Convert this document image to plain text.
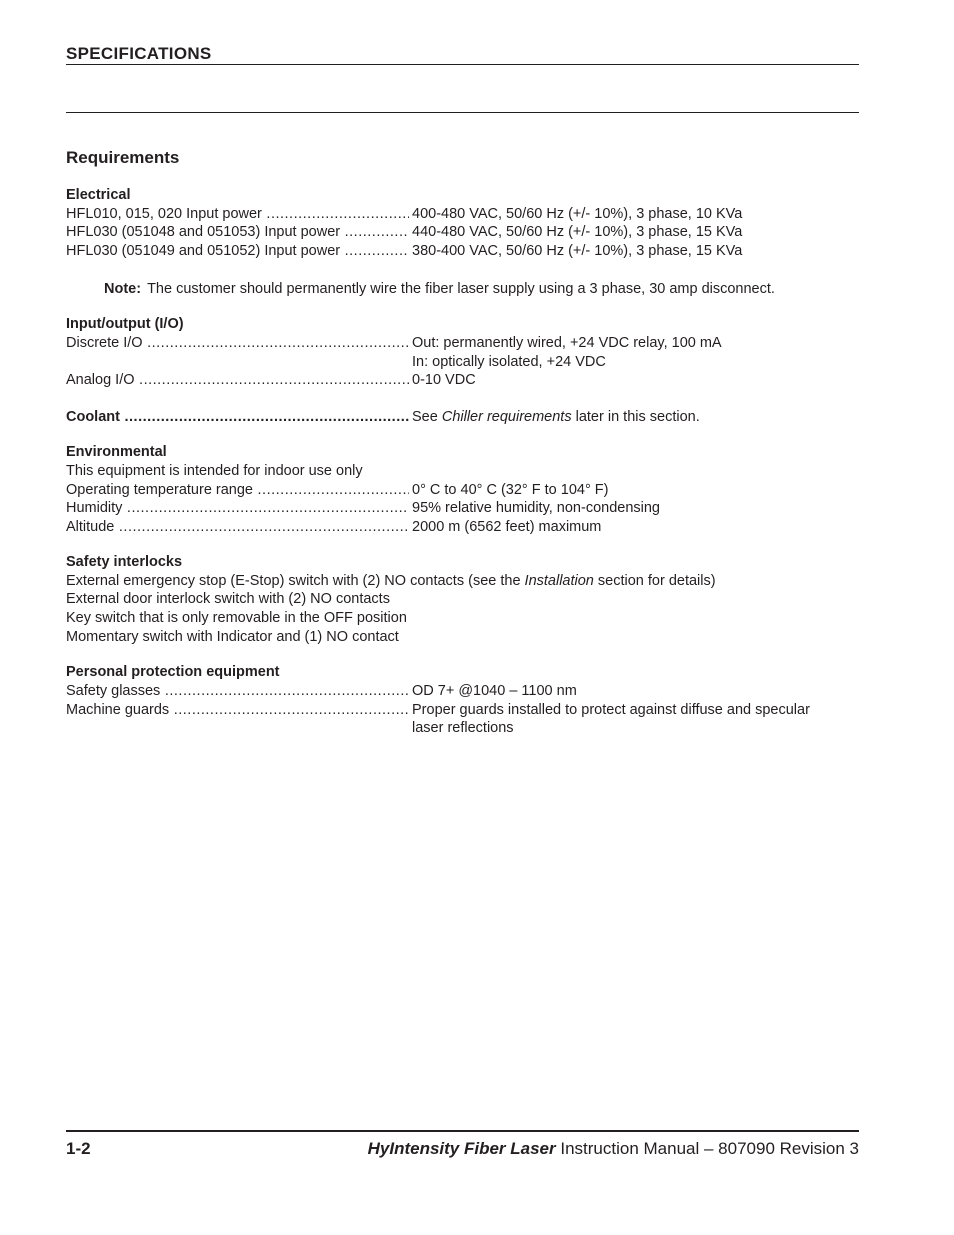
SPECIFICATIONS
Requirements
Electrical
HFL010, 015, 020 Input power .....	400-480 VAC, 50/60 Hz (+/- 10%), 3 phase, 10 KVa
HFL030 (051048 and 051053) Input power .....	440-480 VAC, 50/60 Hz (+/- 10%), 3 phase, 15 KVa
HFL030 (051049 and 051052) Input power .....	380-400 VAC, 50/60 Hz (+/- 10%), 3 phase, 15 KVa
Note: The customer should permanently wire the fiber laser supply using a 3 phase, 30 amp disconnect.
Input/output (I/O)
Discrete I/O .....	Out: permanently wired, +24 VDC relay, 100 mA
In: optically isolated, +24 VDC
Analog I/O .....	0-10 VDC
Coolant .....	See Chiller requirements later in this section.
Environmental
This equipment is intended for indoor use only
Operating temperature range .....	0° C to 40° C (32° F to 104° F)
Humidity .....	95% relative humidity, non-condensing
Altitude .....	2000 m (6562 feet) maximum
Safety interlocks
External emergency stop (E-Stop) switch with (2) NO contacts (see the Installation section for details)
External door interlock switch with (2) NO contacts
Key switch that is only removable in the OFF position
Momentary switch with Indicator and (1) NO contact
Personal protection equipment
Safety glasses .....	OD 7+ @1040 – 1100 nm
Machine guards .....	Proper guards installed to protect against diffuse and specular
laser reflections
1-2	HyIntensity Fiber Laser Instruction Manual – 807090 Revision 3
